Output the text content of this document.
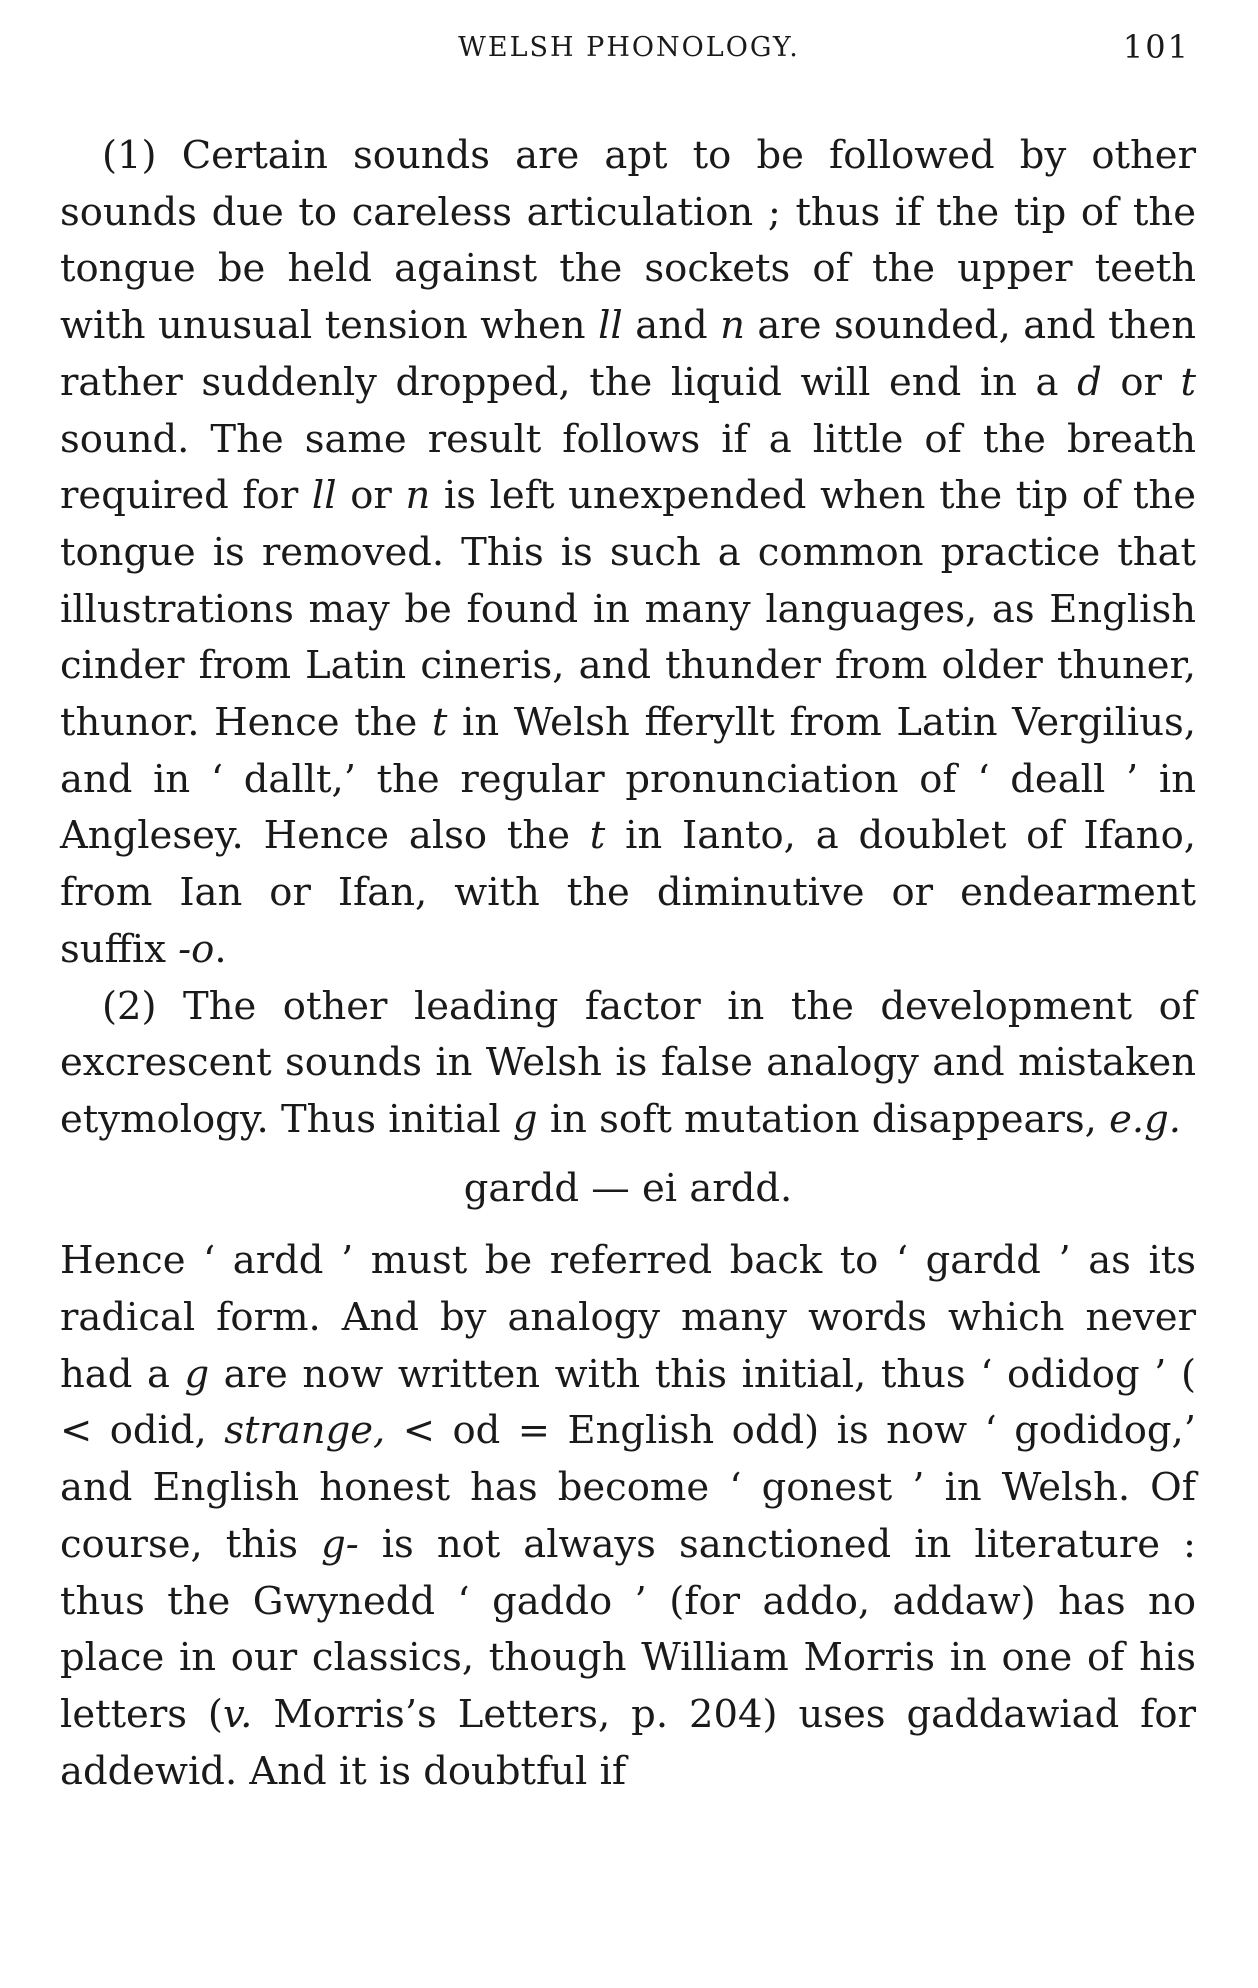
WELSH PHONOLOGY.	101

(1) Certain sounds are apt to be followed by other sounds due to careless articulation ; thus if the tip of the tongue be held against the sockets of the upper teeth with unusual tension when ll and n are sounded, and then rather suddenly dropped, the liquid will end in a d or t sound. The same result follows if a little of the breath required for ll or n is left unexpended when the tip of the tongue is removed. This is such a common practice that illustrations may be found in many languages, as English cinder from Latin cineris, and thunder from older thuner, thunor. Hence the t in Welsh fferyllt from Latin Vergilius, and in ‘ dallt,’ the regular pronunciation of ‘ deall ’ in Anglesey. Hence also the t in Ianto, a doublet of Ifano, from Ian or Ifan, with the diminutive or endearment suffix -o.

(2) The other leading factor in the development of excrescent sounds in Welsh is false analogy and mistaken etymology. Thus initial g in soft mutation disappears, e.g.

gardd — ei ardd.

Hence ‘ ardd ’ must be referred back to ‘ gardd ’ as its radical form. And by analogy many words which never had a g are now written with this initial, thus ‘ odidog ’ ( < odid, strange, < od = English odd) is now ‘ godidog,’ and English honest has become ‘ gonest ’ in Welsh. Of course, this g- is not always sanctioned in literature : thus the Gwynedd ‘ gaddo ’ (for addo, addaw) has no place in our classics, though William Morris in one of his letters (v. Morris’s Letters, p. 204) uses gaddawiad for addewid. And it is doubtful if
